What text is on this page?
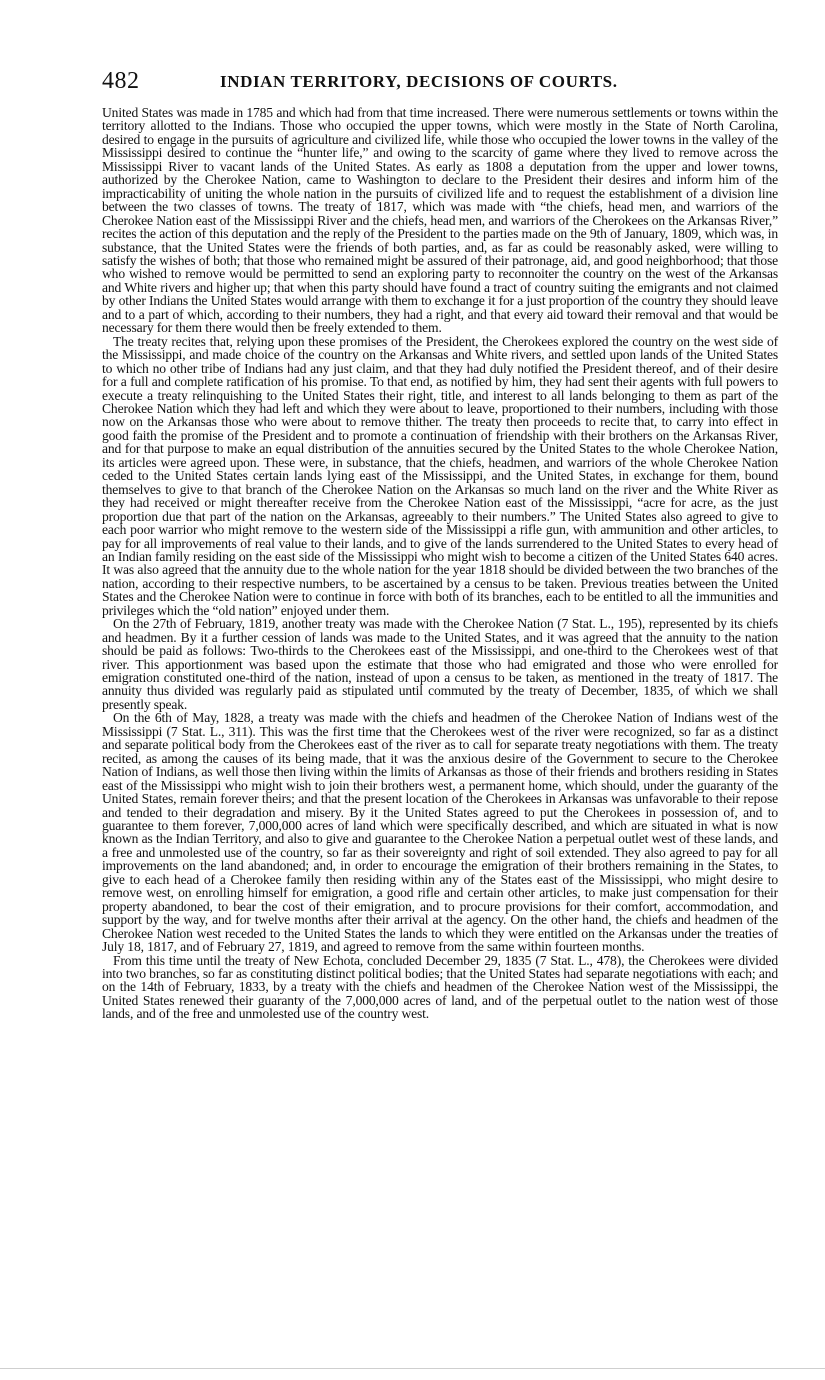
482	INDIAN TERRITORY, DECISIONS OF COURTS.

United States was made in 1785 and which had from that time increased. There were numerous settlements or towns within the territory allotted to the Indians. Those who occupied the upper towns, which were mostly in the State of North Carolina, desired to engage in the pursuits of agriculture and civilized life, while those who occupied the lower towns in the valley of the Mississippi desired to continue the “hunter life,” and owing to the scarcity of game where they lived to remove across the Mississippi River to vacant lands of the United States. As early as 1808 a deputation from the upper and lower towns, authorized by the Cherokee Nation, came to Washington to declare to the President their desires and inform him of the impracticability of uniting the whole nation in the pursuits of civilized life and to request the establishment of a division line between the two classes of towns. The treaty of 1817, which was made with “the chiefs, head men, and warriors of the Cherokee Nation east of the Mississippi River and the chiefs, head men, and warriors of the Cherokees on the Arkansas River,” recites the action of this deputation and the reply of the President to the parties made on the 9th of January, 1809, which was, in substance, that the United States were the friends of both parties, and, as far as could be reasonably asked, were willing to satisfy the wishes of both; that those who remained might be assured of their patronage, aid, and good neighborhood; that those who wished to remove would be permitted to send an exploring party to reconnoiter the country on the west of the Arkansas and White rivers and higher up; that when this party should have found a tract of country suiting the emigrants and not claimed by other Indians the United States would arrange with them to exchange it for a just proportion of the country they should leave and to a part of which, according to their numbers, they had a right, and that every aid toward their removal and that would be necessary for them there would then be freely extended to them.

The treaty recites that, relying upon these promises of the President, the Cherokees explored the country on the west side of the Mississippi, and made choice of the country on the Arkansas and White rivers, and settled upon lands of the United States to which no other tribe of Indians had any just claim, and that they had duly notified the President thereof, and of their desire for a full and complete ratification of his promise. To that end, as notified by him, they had sent their agents with full powers to execute a treaty relinquishing to the United States their right, title, and interest to all lands belonging to them as part of the Cherokee Nation which they had left and which they were about to leave, proportioned to their numbers, including with those now on the Arkansas those who were about to remove thither. The treaty then proceeds to recite that, to carry into effect in good faith the promise of the President and to promote a continuation of friendship with their brothers on the Arkansas River, and for that purpose to make an equal distribution of the annuities secured by the United States to the whole Cherokee Nation, its articles were agreed upon. These were, in substance, that the chiefs, headmen, and warriors of the whole Cherokee Nation ceded to the United States certain lands lying east of the Mississippi, and the United States, in exchange for them, bound themselves to give to that branch of the Cherokee Nation on the Arkansas so much land on the river and the White River as they had received or might thereafter receive from the Cherokee Nation east of the Mississippi, “acre for acre, as the just proportion due that part of the nation on the Arkansas, agreeably to their numbers.” The United States also agreed to give to each poor warrior who might remove to the western side of the Mississippi a rifle gun, with ammunition and other articles, to pay for all improvements of real value to their lands, and to give of the lands surrendered to the United States to every head of an Indian family residing on the east side of the Mississippi who might wish to become a citizen of the United States 640 acres. It was also agreed that the annuity due to the whole nation for the year 1818 should be divided between the two branches of the nation, according to their respective numbers, to be ascertained by a census to be taken. Previous treaties between the United States and the Cherokee Nation were to continue in force with both of its branches, each to be entitled to all the immunities and privileges which the “old nation” enjoyed under them.

On the 27th of February, 1819, another treaty was made with the Cherokee Nation (7 Stat. L., 195), represented by its chiefs and headmen. By it a further cession of lands was made to the United States, and it was agreed that the annuity to the nation should be paid as follows: Two-thirds to the Cherokees east of the Mississippi, and one-third to the Cherokees west of that river. This apportionment was based upon the estimate that those who had emigrated and those who were enrolled for emigration constituted one-third of the nation, instead of upon a census to be taken, as mentioned in the treaty of 1817. The annuity thus divided was regularly paid as stipulated until commuted by the treaty of December, 1835, of which we shall presently speak.

On the 6th of May, 1828, a treaty was made with the chiefs and headmen of the Cherokee Nation of Indians west of the Mississippi (7 Stat. L., 311). This was the first time that the Cherokees west of the river were recognized, so far as a distinct and separate political body from the Cherokees east of the river as to call for separate treaty negotiations with them. The treaty recited, as among the causes of its being made, that it was the anxious desire of the Government to secure to the Cherokee Nation of Indians, as well those then living within the limits of Arkansas as those of their friends and brothers residing in States east of the Mississippi who might wish to join their brothers west, a permanent home, which should, under the guaranty of the United States, remain forever theirs; and that the present location of the Cherokees in Arkansas was unfavorable to their repose and tended to their degradation and misery. By it the United States agreed to put the Cherokees in possession of, and to guarantee to them forever, 7,000,000 acres of land which were specifically described, and which are situated in what is now known as the Indian Territory, and also to give and guarantee to the Cherokee Nation a perpetual outlet west of these lands, and a free and unmolested use of the country, so far as their sovereignty and right of soil extended. They also agreed to pay for all improvements on the land abandoned; and, in order to encourage the emigration of their brothers remaining in the States, to give to each head of a Cherokee family then residing within any of the States east of the Mississippi, who might desire to remove west, on enrolling himself for emigration, a good rifle and certain other articles, to make just compensation for their property abandoned, to bear the cost of their emigration, and to procure provisions for their comfort, accommodation, and support by the way, and for twelve months after their arrival at the agency. On the other hand, the chiefs and headmen of the Cherokee Nation west receded to the United States the lands to which they were entitled on the Arkansas under the treaties of July 18, 1817, and of February 27, 1819, and agreed to remove from the same within fourteen months.

From this time until the treaty of New Echota, concluded December 29, 1835 (7 Stat. L., 478), the Cherokees were divided into two branches, so far as constituting distinct political bodies; that the United States had separate negotiations with each; and on the 14th of February, 1833, by a treaty with the chiefs and headmen of the Cherokee Nation west of the Mississippi, the United States renewed their guaranty of the 7,000,000 acres of land, and of the perpetual outlet to the nation west of those lands, and of the free and unmolested use of the country west.
